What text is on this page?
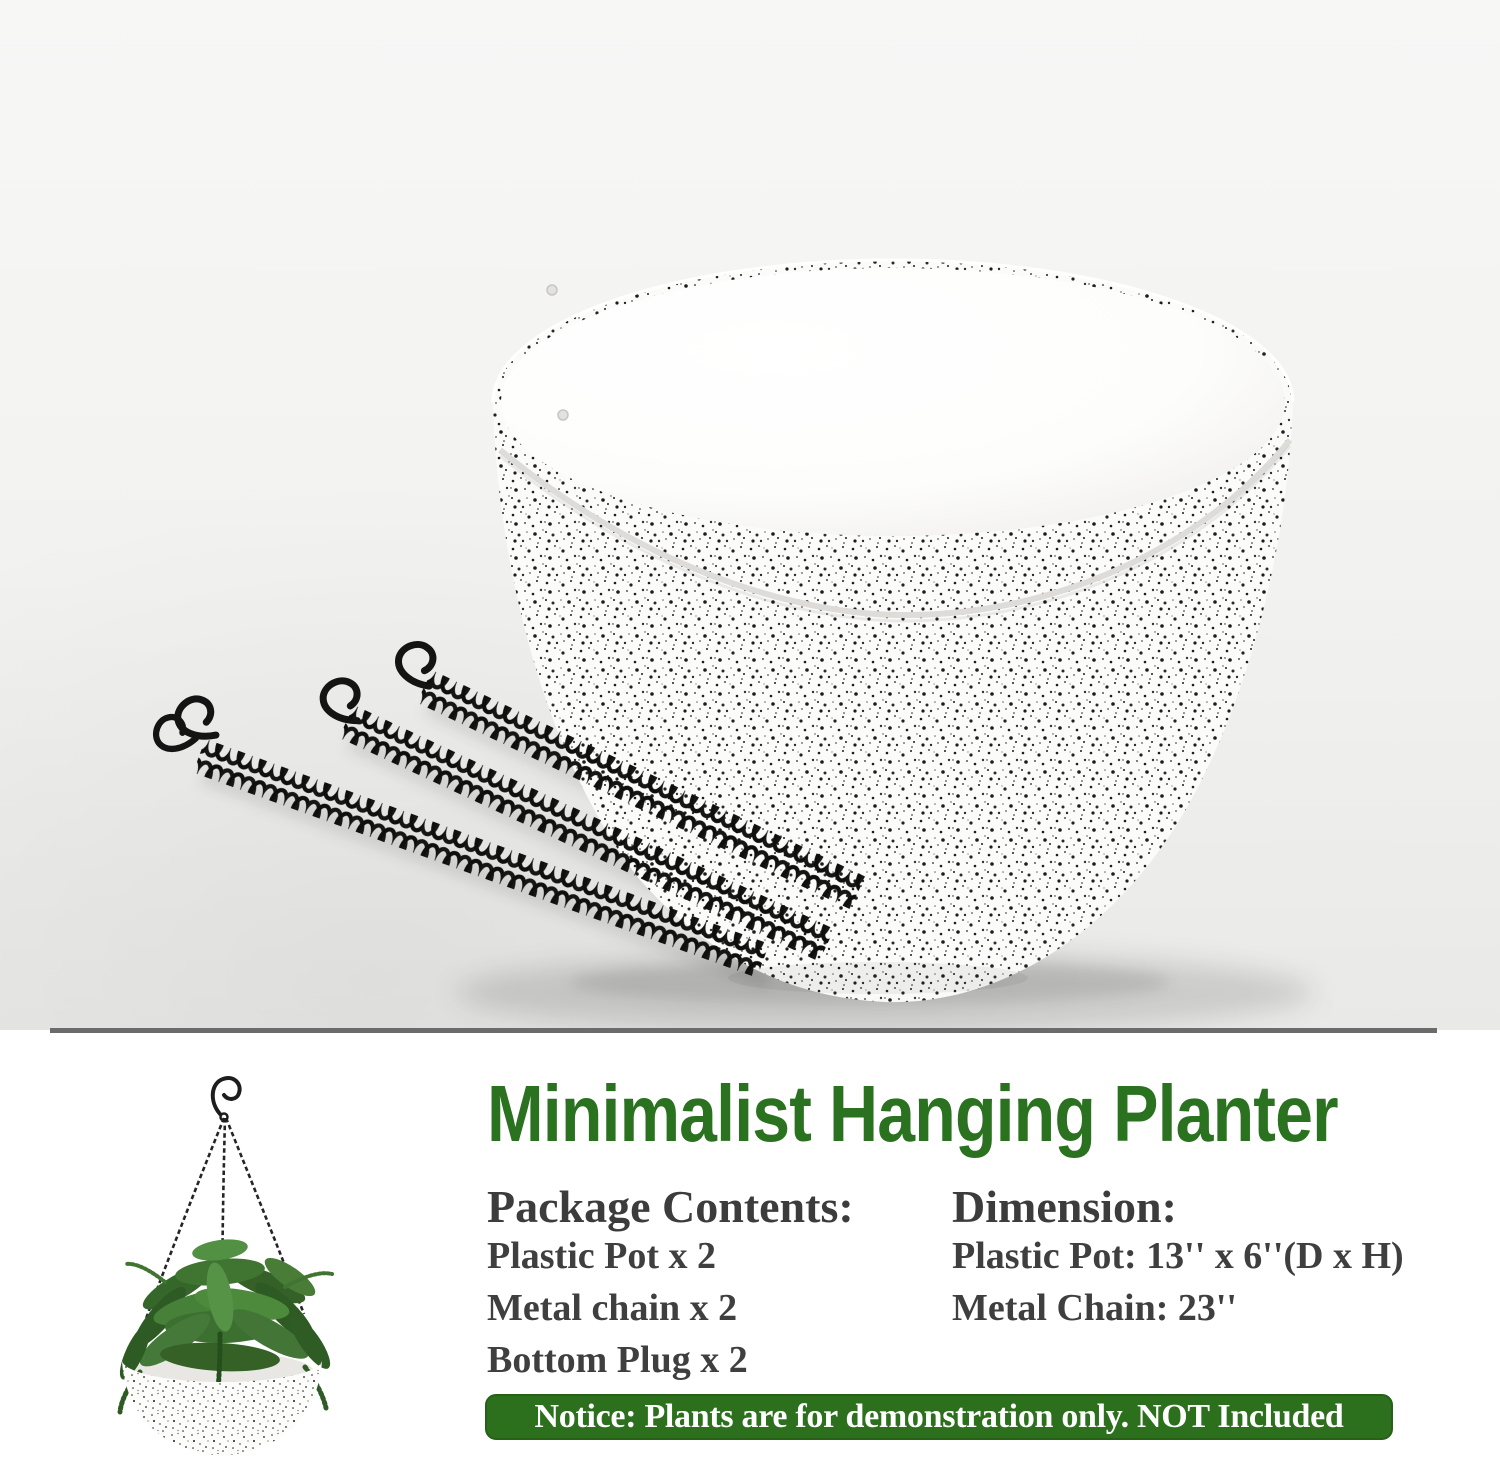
Minimalist Hanging Planter
Package Contents:

Plastic Pot x 2

Metal chain x 2

Bottom Plug x 2

Dimension:

Plastic Pot: 13'' x 6''(D x H)

Metal Chain: 23''

Notice: Plants are for demonstration only. NOT Included
